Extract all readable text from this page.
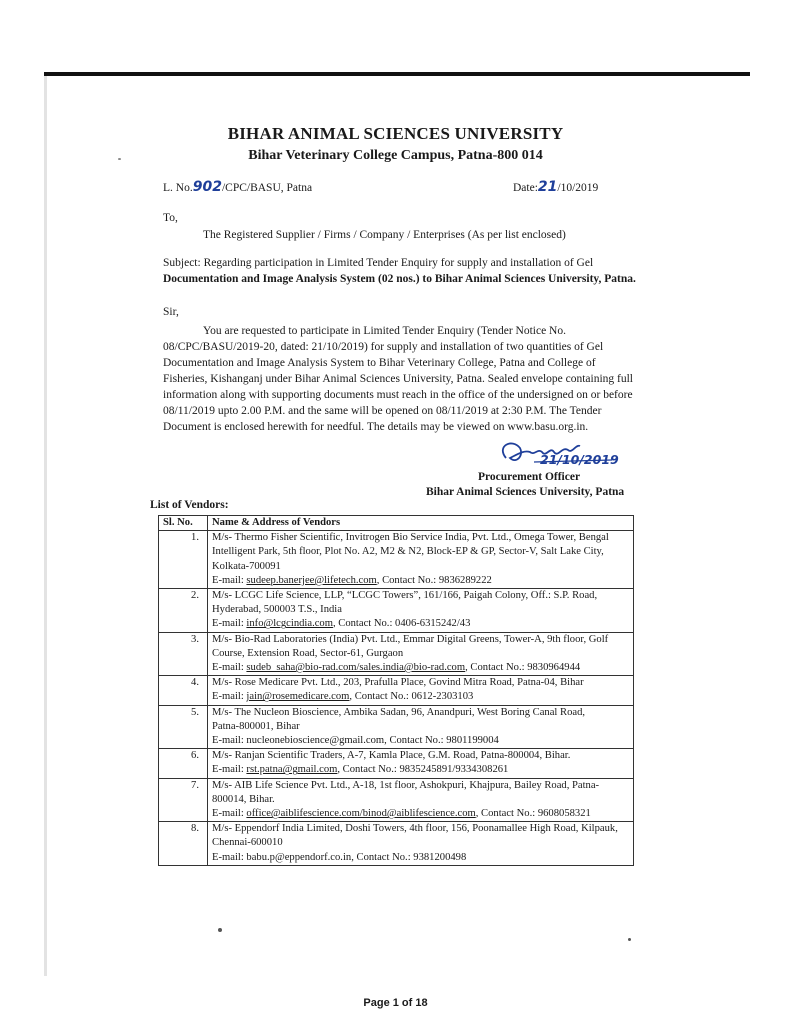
BIHAR ANIMAL SCIENCES UNIVERSITY
Bihar Veterinary College Campus, Patna-800 014
L. No.902/CPC/BASU, Patna	Date:21/10/2019
To,
The Registered Supplier / Firms / Company / Enterprises (As per list enclosed)
Subject: Regarding participation in Limited Tender Enquiry for supply and installation of Gel
Documentation and Image Analysis System (02 nos.) to Bihar Animal Sciences University, Patna.
Sir,
You are requested to participate in Limited Tender Enquiry (Tender Notice No.
08/CPC/BASU/2019-20, dated: 21/10/2019) for supply and installation of two quantities of Gel
Documentation and Image Analysis System to Bihar Veterinary College, Patna and College of
Fisheries, Kishanganj under Bihar Animal Sciences University, Patna. Sealed envelope containing full
information along with supporting documents must reach in the office of the undersigned on or before
08/11/2019 upto 2.00 P.M. and the same will be opened on 08/11/2019 at 2:30 P.M. The Tender
Document is enclosed herewith for needful. The details may be viewed on www.basu.org.in.
21/10/2019
Procurement Officer
Bihar Animal Sciences University, Patna
List of Vendors:
Sl. No.	Name & Address of Vendors
1.	M/s- Thermo Fisher Scientific, Invitrogen Bio Service India, Pvt. Ltd., Omega Tower, Bengal
Intelligent Park, 5th floor, Plot No. A2, M2 & N2, Block-EP & GP, Sector-V, Salt Lake City,
Kolkata-700091
E-mail: sudeep.banerjee@lifetech.com, Contact No.: 9836289222

2.	M/s- LCGC Life Science, LLP, “LCGC Towers”, 161/166, Paigah Colony, Off.: S.P. Road,
Hyderabad, 500003 T.S., India
E-mail: info@lcgcindia.com, Contact No.: 0406-6315242/43

3.	M/s- Bio-Rad Laboratories (India) Pvt. Ltd., Emmar Digital Greens, Tower-A, 9th floor, Golf
Course, Extension Road, Sector-61, Gurgaon
E-mail: sudeb_saha@bio-rad.com/sales.india@bio-rad.com, Contact No.: 9830964944

4.	M/s- Rose Medicare Pvt. Ltd., 203, Prafulla Place, Govind Mitra Road, Patna-04, Bihar
E-mail: jain@rosemedicare.com, Contact No.: 0612-2303103

5.	M/s- The Nucleon Bioscience, Ambika Sadan, 96, Anandpuri, West Boring Canal Road,
Patna-800001, Bihar
E-mail: nucleonebioscience@gmail.com, Contact No.: 9801199004

6.	M/s- Ranjan Scientific Traders, A-7, Kamla Place, G.M. Road, Patna-800004, Bihar.
E-mail: rst.patna@gmail.com, Contact No.: 9835245891/9334308261

7.	M/s- AIB Life Science Pvt. Ltd., A-18, 1st floor, Ashokpuri, Khajpura, Bailey Road, Patna-
800014, Bihar.
E-mail: office@aiblifescience.com/binod@aiblifescience.com, Contact No.: 9608058321

8.	M/s- Eppendorf India Limited, Doshi Towers, 4th floor, 156, Poonamallee High Road, Kilpauk,
Chennai-600010
E-mail: babu.p@eppendorf.co.in, Contact No.: 9381200498
Page 1 of 18
